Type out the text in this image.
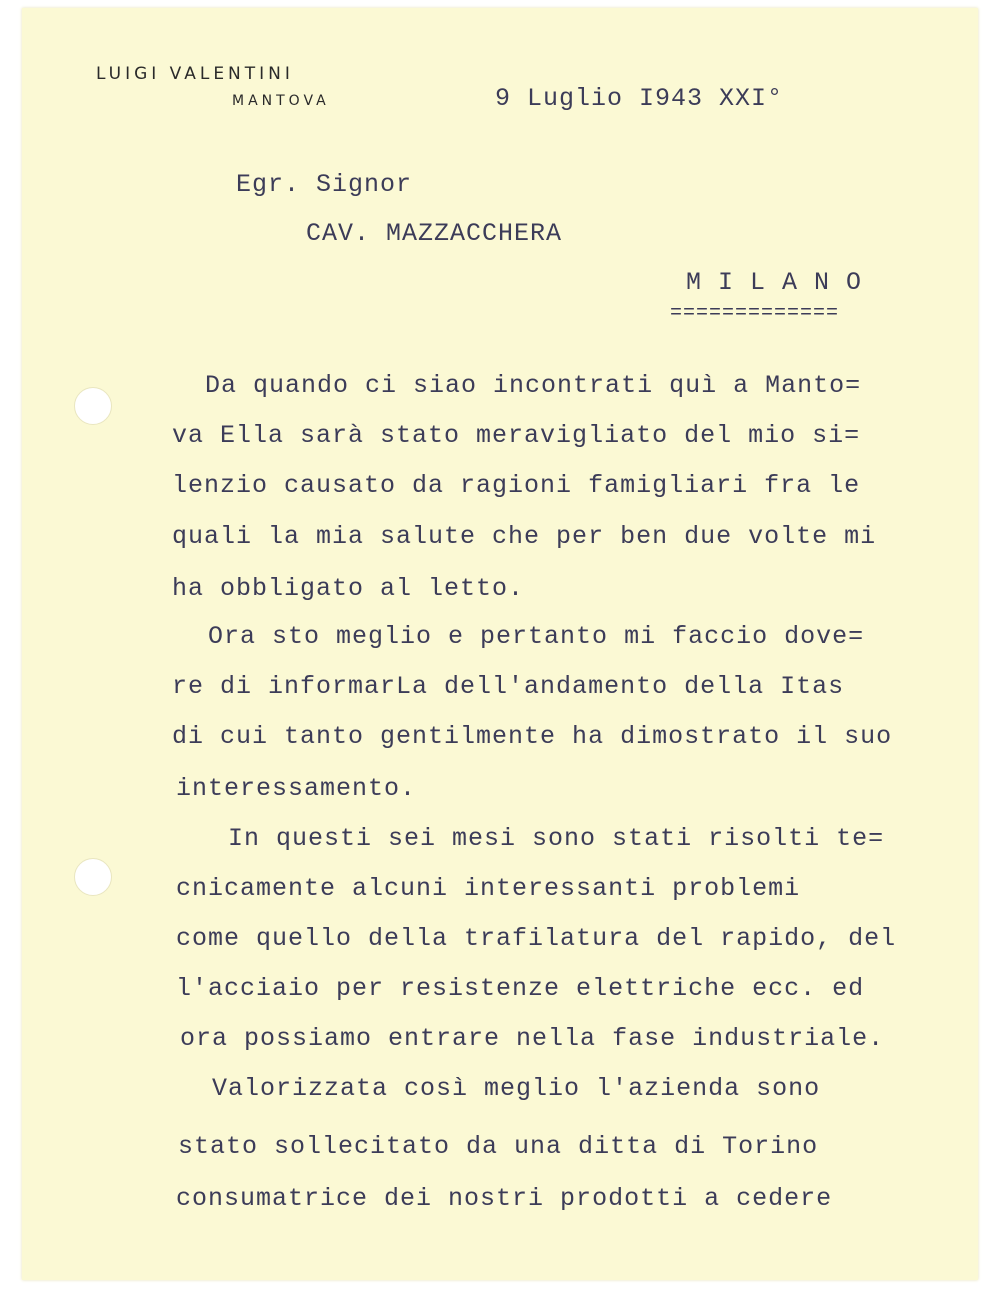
LUIGI VALENTINI
MANTOVA	9 Luglio I943 XXI°
Egr. Signor
CAV. MAZZACCHERA
M I L A N O
=============
Da quando ci siao incontrati quì a Manto=
va Ella sarà stato meravigliato del mio si=
lenzio causato da ragioni famigliari fra le
quali la mia salute che per ben due volte mi
ha obbligato al letto.
Ora sto meglio e pertanto mi faccio dove=
re di informarLa dell'andamento della Itas
di cui tanto gentilmente ha dimostrato il suo
interessamento.
In questi sei mesi sono stati risolti te=
cnicamente alcuni interessanti problemi
come quello della trafilatura del rapido, del
l'acciaio per resistenze elettriche ecc. ed
ora possiamo entrare nella fase industriale.
Valorizzata così meglio l'azienda sono
stato sollecitato da una ditta di Torino
consumatrice dei nostri prodotti a cedere
